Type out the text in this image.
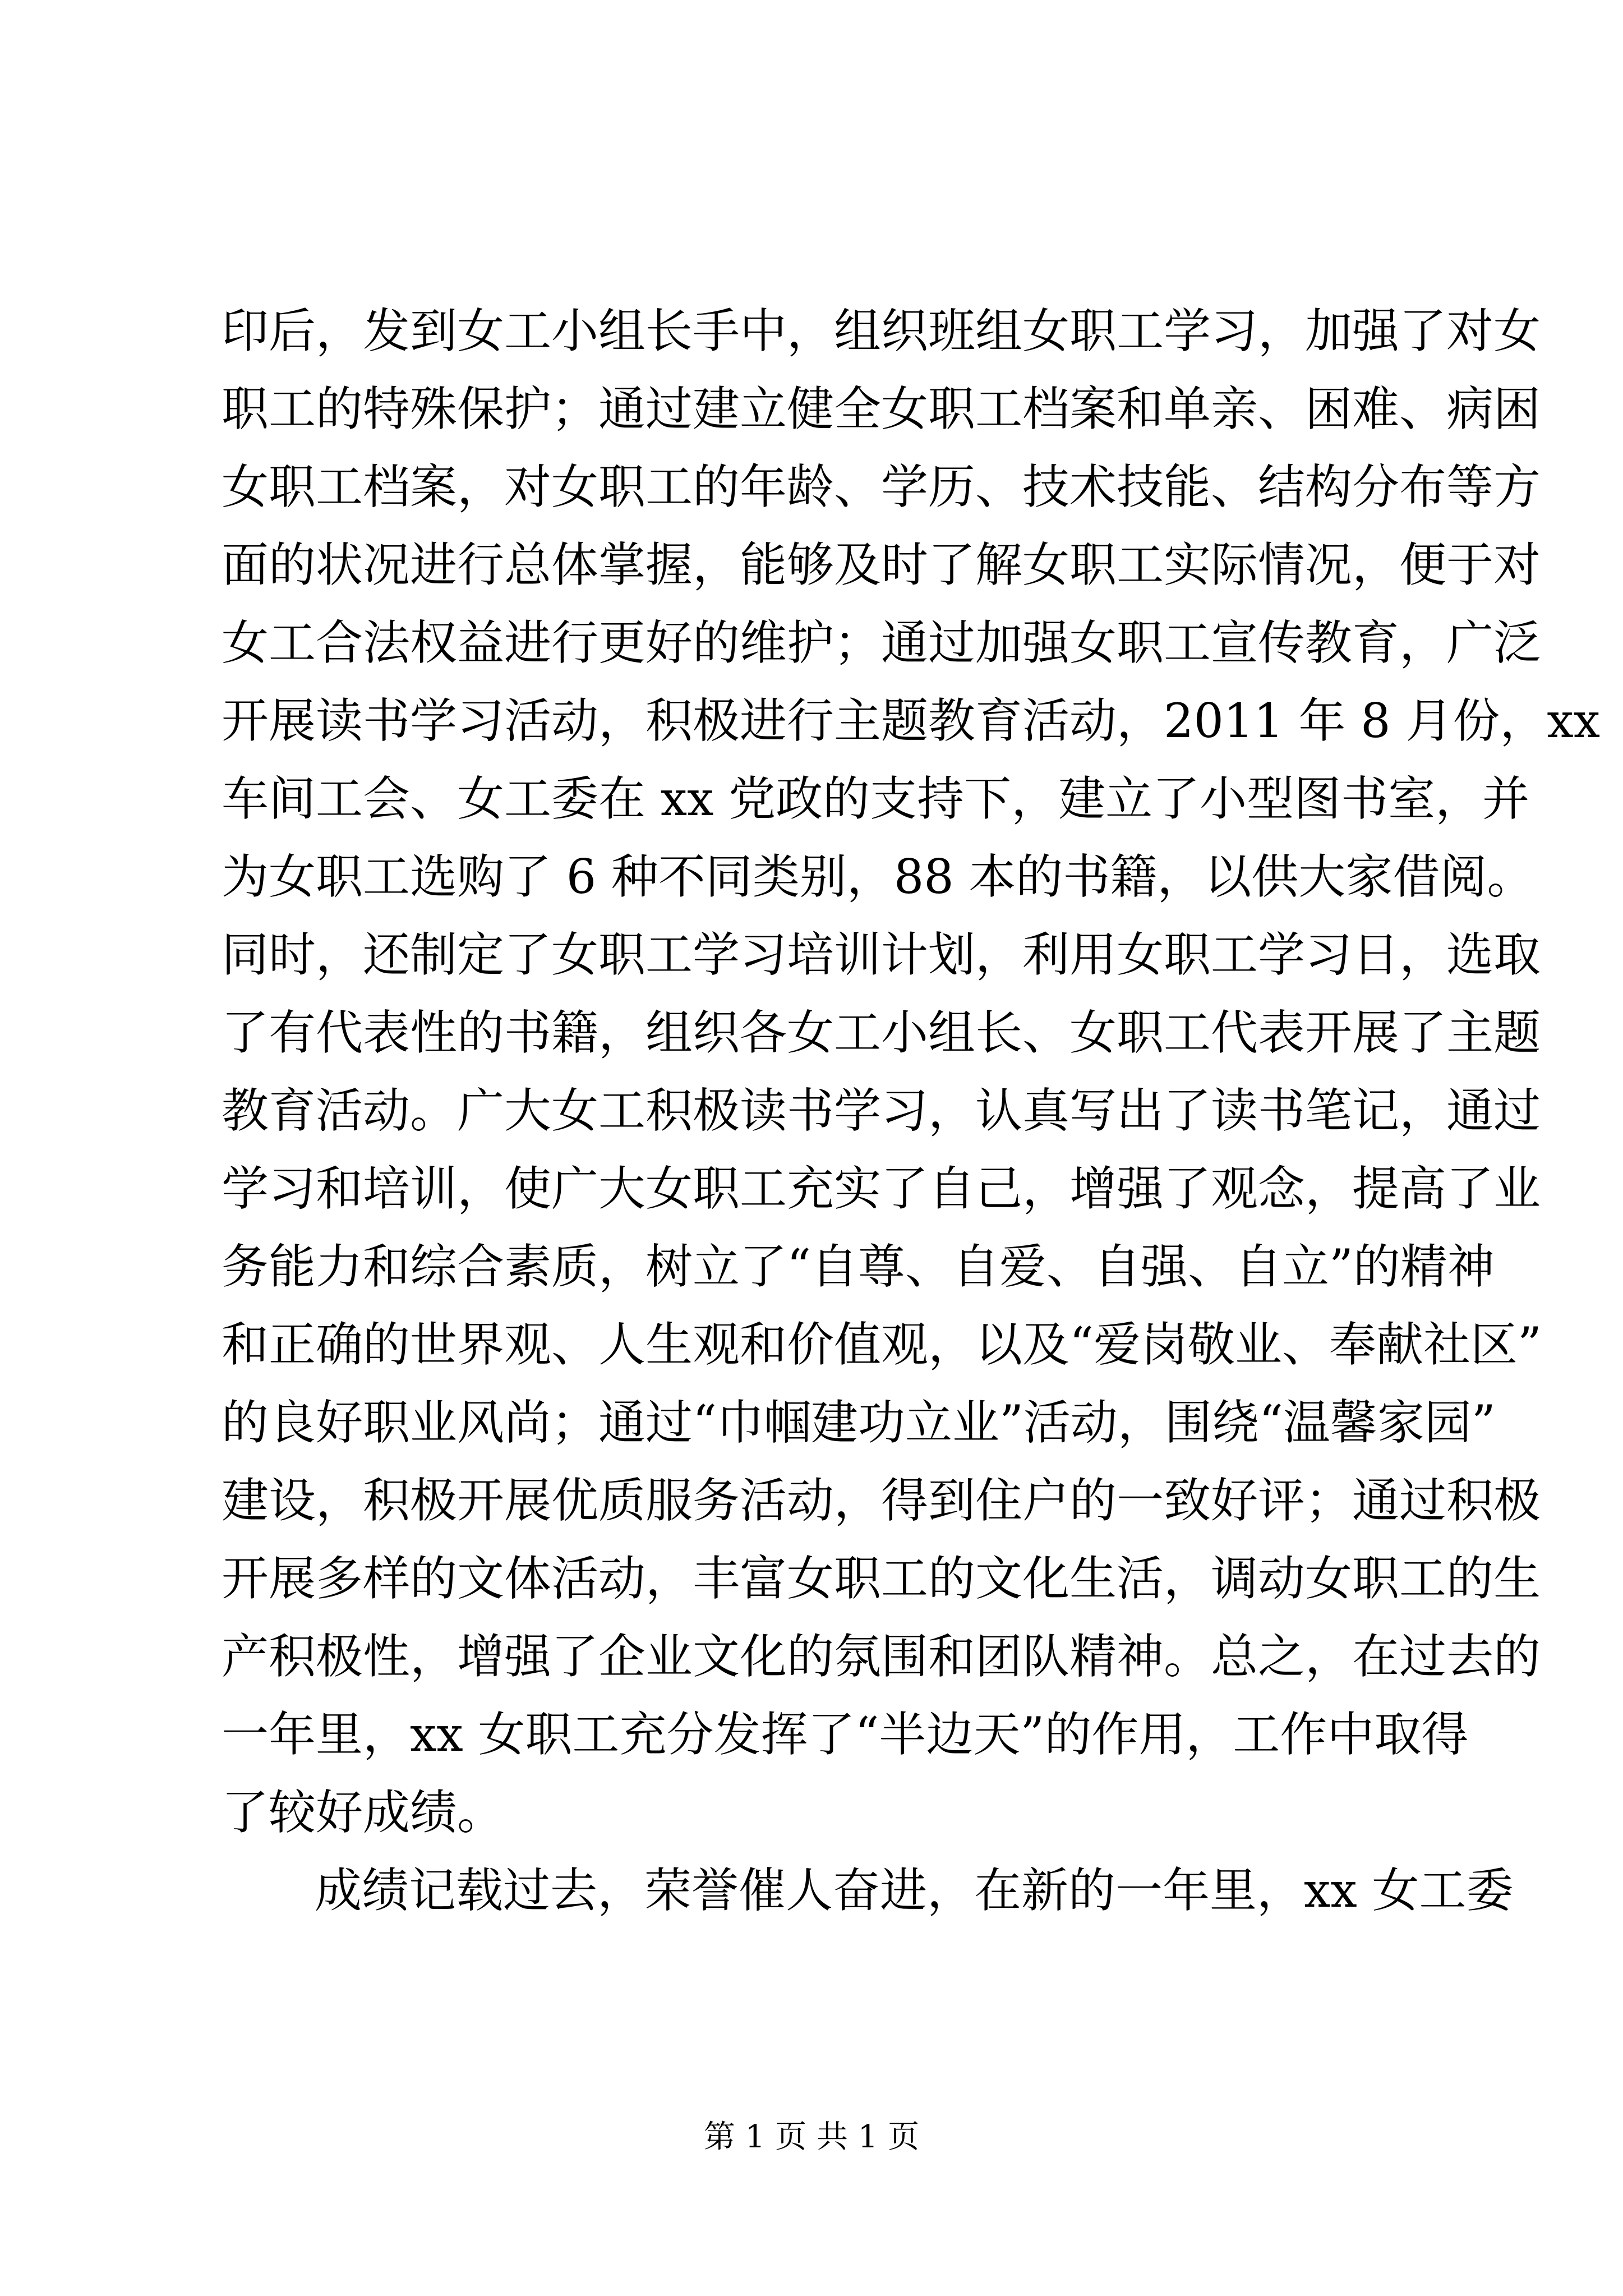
印后，发到女工小组长手中，组织班组女职工学习，加强了对女
职工的特殊保护；通过建立健全女职工档案和单亲、困难、病困
女职工档案，对女职工的年龄、学历、技术技能、结构分布等方
面的状况进行总体掌握，能够及时了解女职工实际情况，便于对
女工合法权益进行更好的维护；通过加强女职工宣传教育，广泛
开展读书学习活动，积极进行主题教育活动，2011 年 8 月份，xx
车间工会、女工委在 xx 党政的支持下，建立了小型图书室，并
为女职工选购了 6 种不同类别，88 本的书籍，以供大家借阅。
同时，还制定了女职工学习培训计划，利用女职工学习日，选取
了有代表性的书籍，组织各女工小组长、女职工代表开展了主题
教育活动。广大女工积极读书学习，认真写出了读书笔记，通过
学习和培训，使广大女职工充实了自己，增强了观念，提高了业
务能力和综合素质，树立了“自尊、自爱、自强、自立”的精神
和正确的世界观、人生观和价值观，以及“爱岗敬业、奉献社区”
的良好职业风尚；通过“巾帼建功立业”活动，围绕“温馨家园”
建设，积极开展优质服务活动，得到住户的一致好评；通过积极
开展多样的文体活动，丰富女职工的文化生活，调动女职工的生
产积极性，增强了企业文化的氛围和团队精神。总之，在过去的
一年里，xx 女职工充分发挥了“半边天”的作用，工作中取得
了较好成绩。
成绩记载过去，荣誉催人奋进，在新的一年里，xx 女工委
第 1 页 共 1 页
